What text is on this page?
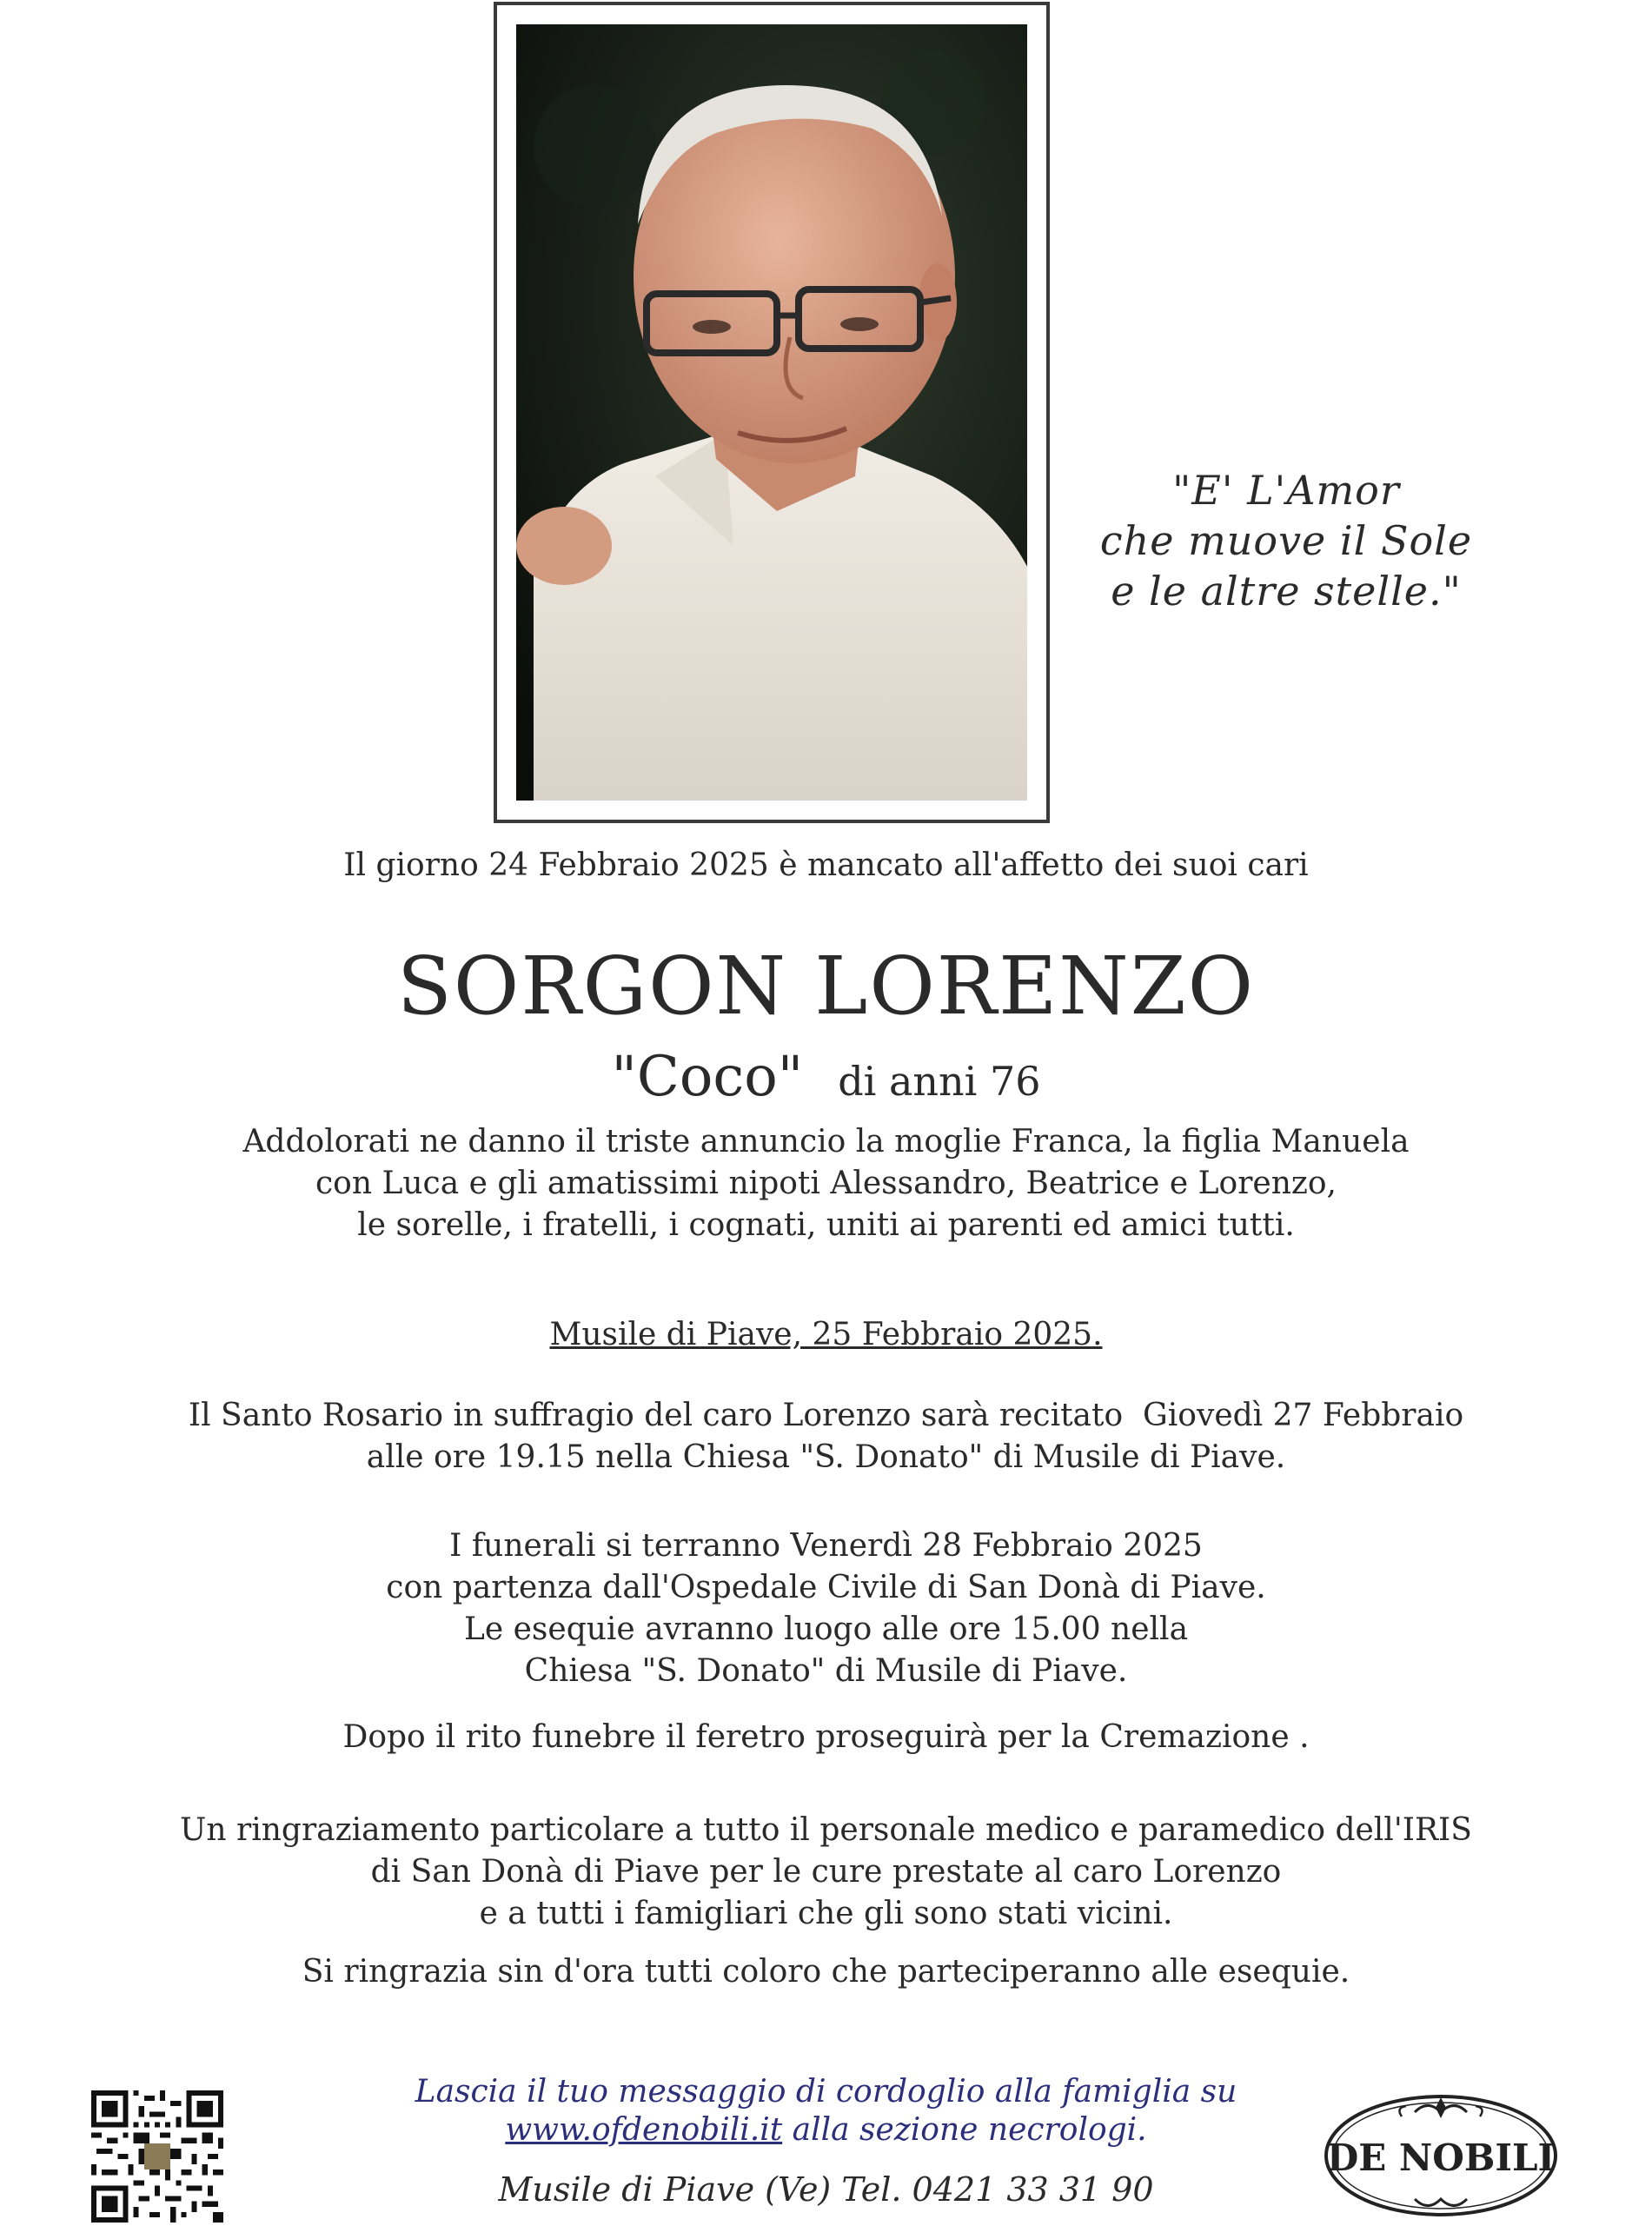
"E' L'Amor
che muove il Sole
e le altre stelle."
Il giorno 24 Febbraio 2025 è mancato all'affetto dei suoi cari
SORGON LORENZO
"Coco" di anni 76
Addolorati ne danno il triste annuncio la moglie Franca, la figlia Manuela
con Luca e gli amatissimi nipoti Alessandro, Beatrice e Lorenzo,
le sorelle, i fratelli, i cognati, uniti ai parenti ed amici tutti.
Musile di Piave, 25 Febbraio 2025.
Il Santo Rosario in suffragio del caro Lorenzo sarà recitato  Giovedì 27 Febbraio
alle ore 19.15 nella Chiesa "S. Donato" di Musile di Piave.
I funerali si terranno Venerdì 28 Febbraio 2025
con partenza dall'Ospedale Civile di San Donà di Piave.
Le esequie avranno luogo alle ore 15.00 nella
Chiesa "S. Donato" di Musile di Piave.
Dopo il rito funebre il feretro proseguirà per la Cremazione .
Un ringraziamento particolare a tutto il personale medico e paramedico dell'IRIS
di San Donà di Piave per le cure prestate al caro Lorenzo
e a tutti i famigliari che gli sono stati vicini.
Si ringrazia sin d'ora tutti coloro che parteciperanno alle esequie.
Lascia il tuo messaggio di cordoglio alla famiglia su
www.ofdenobili.it alla sezione necrologi.
Musile di Piave (Ve) Tel. 0421 33 31 90
DE NOBILI
